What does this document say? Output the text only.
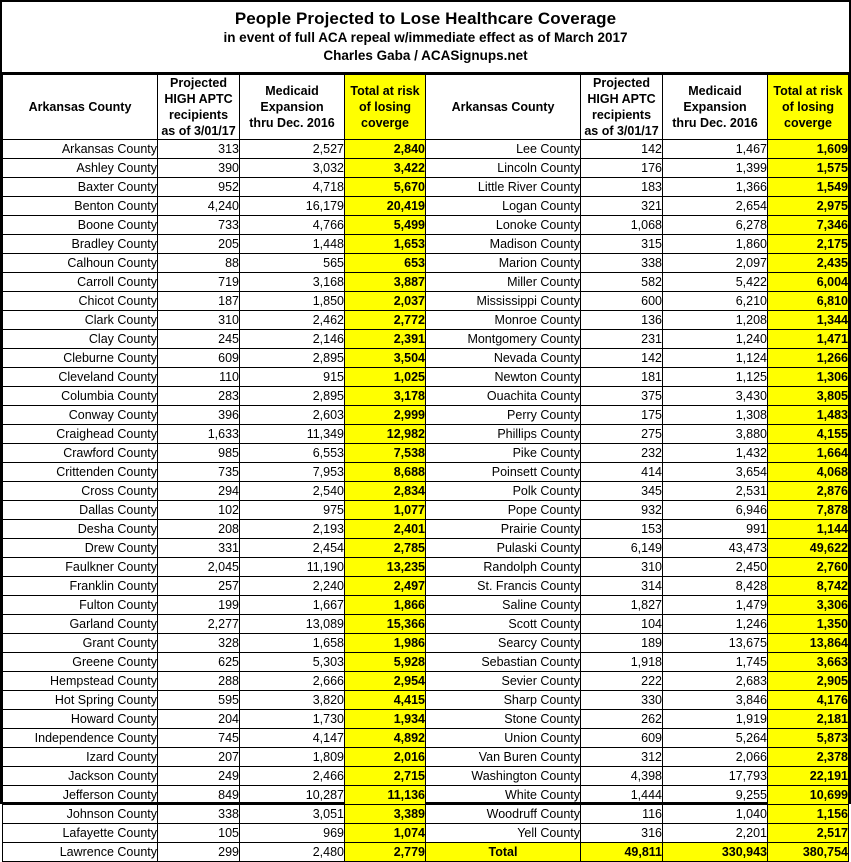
People Projected to Lose Healthcare Coverage
in event of full ACA repeal w/immediate effect as of March 2017
Charles Gaba / ACASignups.net
Arkansas County	Projected
HIGH APTC
recipients
as of 3/01/17	Medicaid
Expansion
thru Dec. 2016	Total at risk
of losing
coverge	Arkansas County	Projected
HIGH APTC
recipients
as of 3/01/17	Medicaid
Expansion
thru Dec. 2016	Total at risk
of losing
coverge
Arkansas County	313	2,527	2,840	Lee County	142	1,467	1,609
Ashley County	390	3,032	3,422	Lincoln County	176	1,399	1,575
Baxter County	952	4,718	5,670	Little River County	183	1,366	1,549
Benton County	4,240	16,179	20,419	Logan County	321	2,654	2,975
Boone County	733	4,766	5,499	Lonoke County	1,068	6,278	7,346
Bradley County	205	1,448	1,653	Madison County	315	1,860	2,175
Calhoun County	88	565	653	Marion County	338	2,097	2,435
Carroll County	719	3,168	3,887	Miller County	582	5,422	6,004
Chicot County	187	1,850	2,037	Mississippi County	600	6,210	6,810
Clark County	310	2,462	2,772	Monroe County	136	1,208	1,344
Clay County	245	2,146	2,391	Montgomery County	231	1,240	1,471
Cleburne County	609	2,895	3,504	Nevada County	142	1,124	1,266
Cleveland County	110	915	1,025	Newton County	181	1,125	1,306
Columbia County	283	2,895	3,178	Ouachita County	375	3,430	3,805
Conway County	396	2,603	2,999	Perry County	175	1,308	1,483
Craighead County	1,633	11,349	12,982	Phillips County	275	3,880	4,155
Crawford County	985	6,553	7,538	Pike County	232	1,432	1,664
Crittenden County	735	7,953	8,688	Poinsett County	414	3,654	4,068
Cross County	294	2,540	2,834	Polk County	345	2,531	2,876
Dallas County	102	975	1,077	Pope County	932	6,946	7,878
Desha County	208	2,193	2,401	Prairie County	153	991	1,144
Drew County	331	2,454	2,785	Pulaski County	6,149	43,473	49,622
Faulkner County	2,045	11,190	13,235	Randolph County	310	2,450	2,760
Franklin County	257	2,240	2,497	St. Francis County	314	8,428	8,742
Fulton County	199	1,667	1,866	Saline County	1,827	1,479	3,306
Garland County	2,277	13,089	15,366	Scott County	104	1,246	1,350
Grant County	328	1,658	1,986	Searcy County	189	13,675	13,864
Greene County	625	5,303	5,928	Sebastian County	1,918	1,745	3,663
Hempstead County	288	2,666	2,954	Sevier County	222	2,683	2,905
Hot Spring County	595	3,820	4,415	Sharp County	330	3,846	4,176
Howard County	204	1,730	1,934	Stone County	262	1,919	2,181
Independence County	745	4,147	4,892	Union County	609	5,264	5,873
Izard County	207	1,809	2,016	Van Buren County	312	2,066	2,378
Jackson County	249	2,466	2,715	Washington County	4,398	17,793	22,191
Jefferson County	849	10,287	11,136	White County	1,444	9,255	10,699
Johnson County	338	3,051	3,389	Woodruff County	116	1,040	1,156
Lafayette County	105	969	1,074	Yell County	316	2,201	2,517
Lawrence County	299	2,480	2,779	Total	49,811	330,943	380,754
